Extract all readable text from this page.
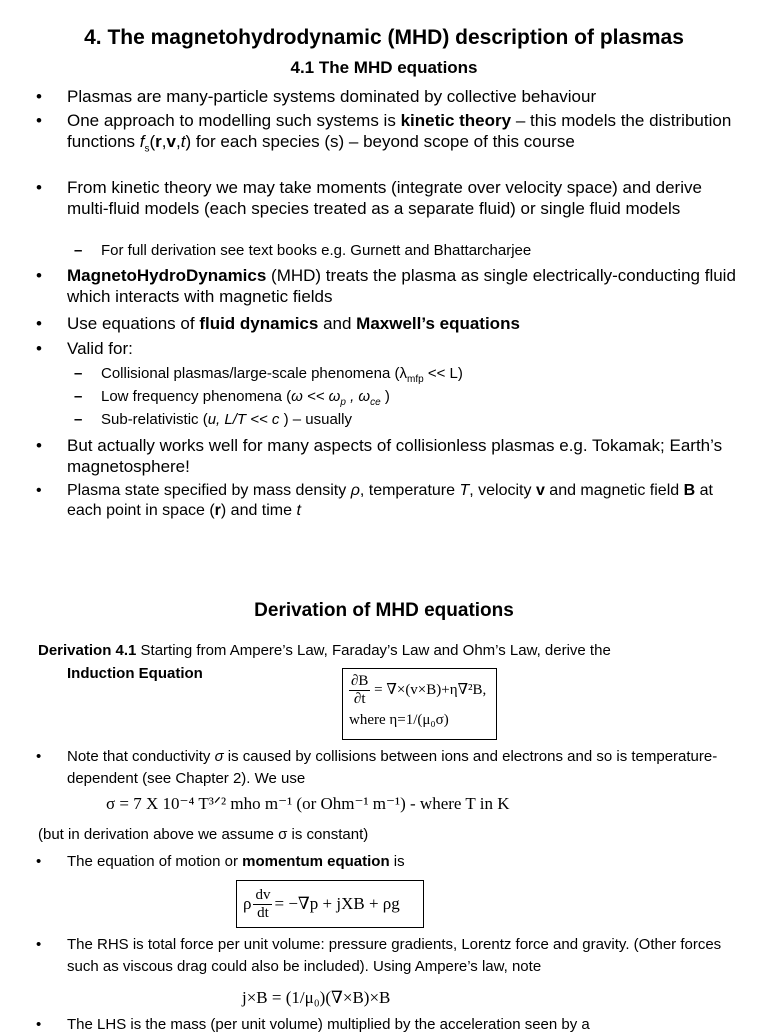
4. The magnetohydrodynamic (MHD) description of plasmas
4.1 The MHD equations
• Plasmas are many-particle systems dominated by collective behaviour
• One approach to modelling such systems is kinetic theory – this models the distribution functions $f_s(r,v,t)$ for each species (s) – beyond scope of this course
• From kinetic theory we may take moments (integrate over velocity space) and derive multi-fluid models (each species treated as a separate fluid) or single fluid models
– For full derivation see text books e.g. Gurnett and Bhattarcharjee
• MagnetoHydroDynamics (MHD) treats the plasma as single electrically-conducting fluid which interacts with magnetic fields
• Use equations of fluid dynamics and Maxwell’s equations
• Valid for:
– Collisional plasmas/large-scale phenomena $(\lambda_{mfp} << L)$
– Low frequency phenomena ($\omega << \omega_p$ , $\omega_{ce}$ )
– Sub-relativistic (u, L/T << c ) – usually
• But actually works well for many aspects of collisionless plasmas e.g. Tokamak; Earth’s magnetosphere!
• Plasma state specified by mass density ρ, temperature T, velocity v and magnetic field B at each point in space (r) and time t
Derivation of MHD equations
Derivation 4.1 Starting from Ampere’s Law, Faraday’s Law and Ohm’s Law, derive the
Induction Equation	$\frac{\partial B}{\partial t} = \nabla\times(v\times B)+\eta\nabla^2B$,
where η=1/(μ₀σ)
• Note that conductivity σ is caused by collisions between ions and electrons and so is temperature-dependent (see Chapter 2). We use
σ = 7 X 10⁻⁴ T³ᐟ² mho m⁻¹ (or Ohm⁻¹ m⁻¹) - where T in K
(but in derivation above we assume σ is constant)
• The equation of motion or momentum equation is
ρ $\frac{dv}{dt} = -\nabla p$ + jXB + ρg
• The RHS is total force per unit volume: pressure gradients, Lorentz force and gravity. (Other forces such as viscous drag could also be included). Using Ampere’s law, note
j×B = (1/μ₀)(∇×B)×B
• The LHS is the mass (per unit volume) multiplied by the acceleration seen by a
